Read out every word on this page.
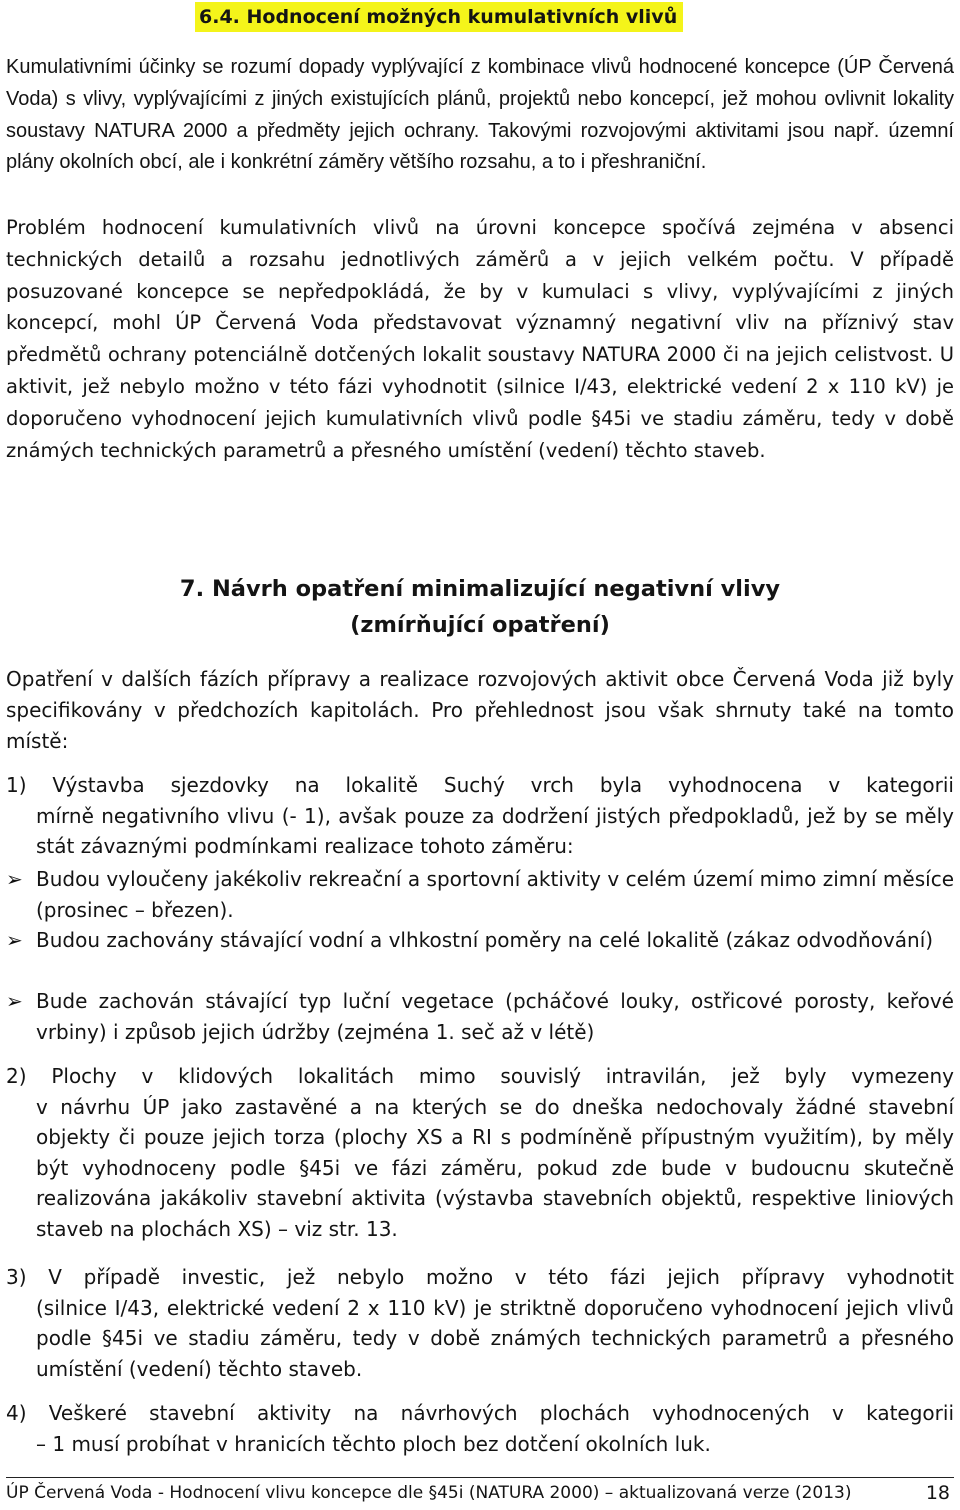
6.4. Hodnocení možných kumulativních vlivů

Kumulativními účinky se rozumí dopady vyplývající z kombinace vlivů hodnocené koncepce (ÚP Červená Voda) s vlivy, vyplývajícími z jiných existujících plánů, projektů nebo koncepcí, jež mohou ovlivnit lokality soustavy NATURA 2000 a předměty jejich ochrany. Takovými rozvojovými aktivitami jsou např. územní plány okolních obcí, ale i konkrétní záměry většího rozsahu, a to i přeshraniční.

Problém hodnocení kumulativních vlivů na úrovni koncepce spočívá zejména v absenci technických detailů a rozsahu jednotlivých záměrů a v jejich velkém počtu. V případě posuzované koncepce se nepředpokládá, že by v kumulaci s vlivy, vyplývajícími z jiných koncepcí, mohl ÚP Červená Voda představovat významný negativní vliv na příznivý stav předmětů ochrany potenciálně dotčených lokalit soustavy NATURA 2000 či na jejich celistvost. U aktivit, jež nebylo možno v této fázi vyhodnotit (silnice I/43, elektrické vedení 2 x 110 kV) je doporučeno vyhodnocení jejich kumulativních vlivů podle §45i ve stadiu záměru, tedy v době známých technických parametrů a přesného umístění (vedení) těchto staveb.

7. Návrh opatření minimalizující negativní vlivy
(zmírňující opatření)

Opatření v dalších fázích přípravy a realizace rozvojových aktivit obce Červená Voda již byly specifikovány v předchozích kapitolách. Pro přehlednost jsou však shrnuty také na tomto místě:

1) Výstavba sjezdovky na lokalitě Suchý vrch byla vyhodnocena v kategorii
mírně negativního vlivu (- 1), avšak pouze za dodržení jistých předpokladů, jež by se měly stát závaznými podmínkami realizace tohoto záměru:
➢ Budou vyloučeny jakékoliv rekreační a sportovní aktivity v celém území mimo zimní měsíce (prosinec – březen).
➢ Budou zachovány stávající vodní a vlhkostní poměry na celé lokalitě (zákaz odvodňování)
➢ Bude zachován stávající typ luční vegetace (pcháčové louky, ostřicové porosty, keřové vrbiny) i způsob jejich údržby (zejména 1. seč až v létě)
2) Plochy v klidových lokalitách mimo souvislý intravilán, jež byly vymezeny
v návrhu ÚP jako zastavěné a na kterých se do dneška nedochovaly žádné stavební objekty či pouze jejich torza (plochy XS a RI s podmíněně přípustným využitím), by měly být vyhodnoceny podle §45i ve fázi záměru, pokud zde bude v budoucnu skutečně realizována jakákoliv stavební aktivita (výstavba stavebních objektů, respektive liniových staveb na plochách XS) – viz str. 13.
3) V případě investic, jež nebylo možno v této fázi jejich přípravy vyhodnotit
(silnice I/43, elektrické vedení 2 x 110 kV) je striktně doporučeno vyhodnocení jejich vlivů podle §45i ve stadiu záměru, tedy v době známých technických parametrů a přesného umístění (vedení) těchto staveb.
4) Veškeré stavební aktivity na návrhových plochách vyhodnocených v kategorii
– 1 musí probíhat v hranicích těchto ploch bez dotčení okolních luk.
ÚP Červená Voda - Hodnocení vlivu koncepce dle §45i (NATURA 2000) – aktualizovaná verze (2013)	18
